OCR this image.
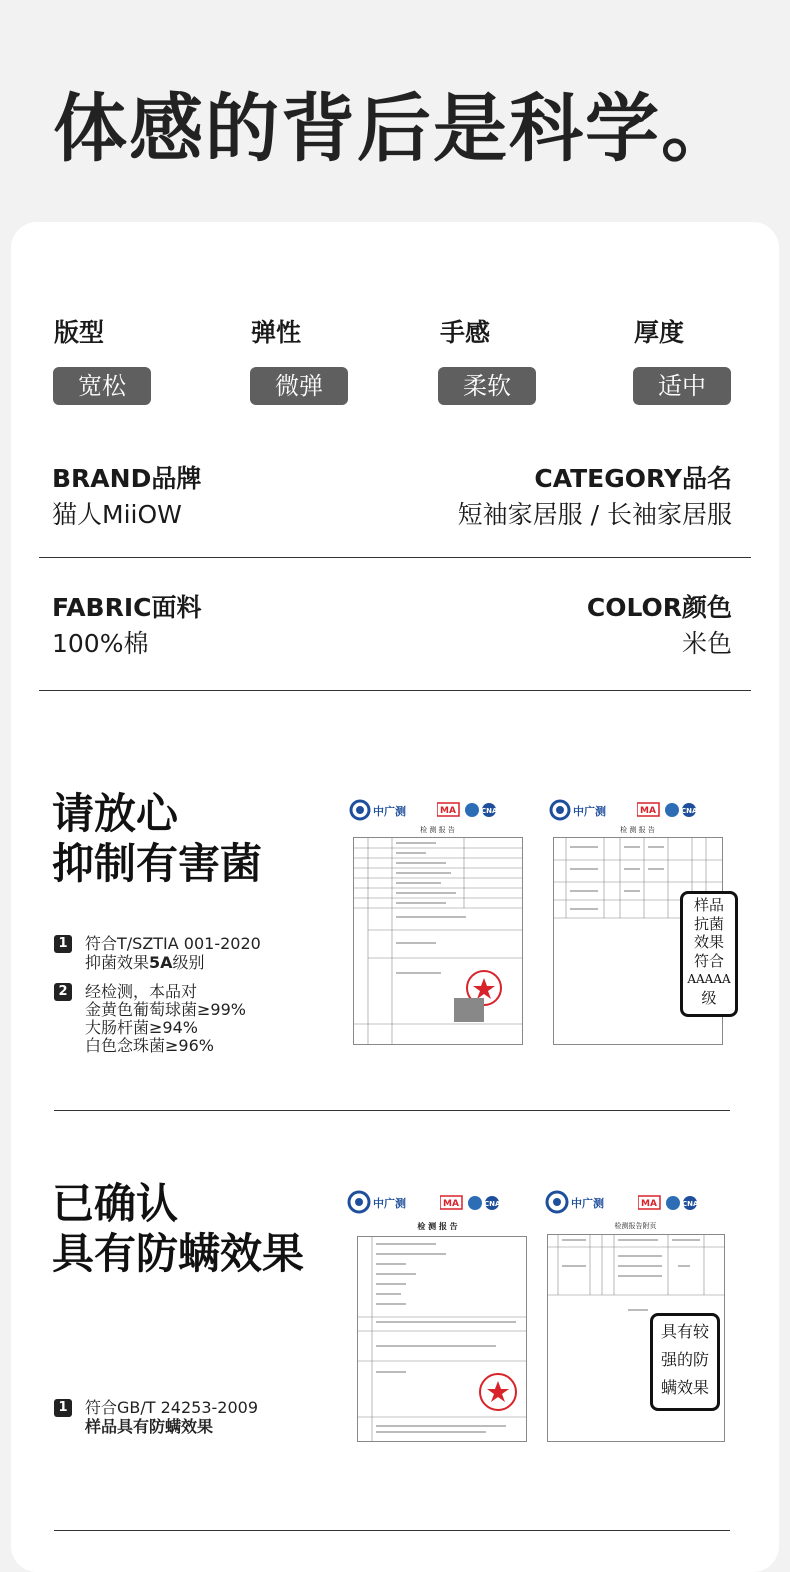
体感的背后是科学。
版型	弹性	手感	厚度
宽松	微弹	柔软	适中
BRAND品牌
猫人MiiOW
CATEGORY品名
短袖家居服 / 长袖家居服
FABRIC面料
100%棉
COLOR颜色
米色
请放心
抑制有害菌
1 符合T/SZTIA 001-2020
抑菌效果5A级别
2 经检测，本品对
金黄色葡萄球菌≥99%
大肠杆菌≥94%
白色念珠菌≥96%
中广测	MA	CNAS
检 测 报 告
中广测	MA	CNAS
检 测 报 告
样品
抗菌
效果
符合
AAAAA
级
已确认
具有防螨效果
1 符合GB/T 24253-2009
样品具有防螨效果
中广测	MA	CNAS
检 测 报 告
中广测	MA	CNAS
检测报告附页
具有较
强的防
螨效果
